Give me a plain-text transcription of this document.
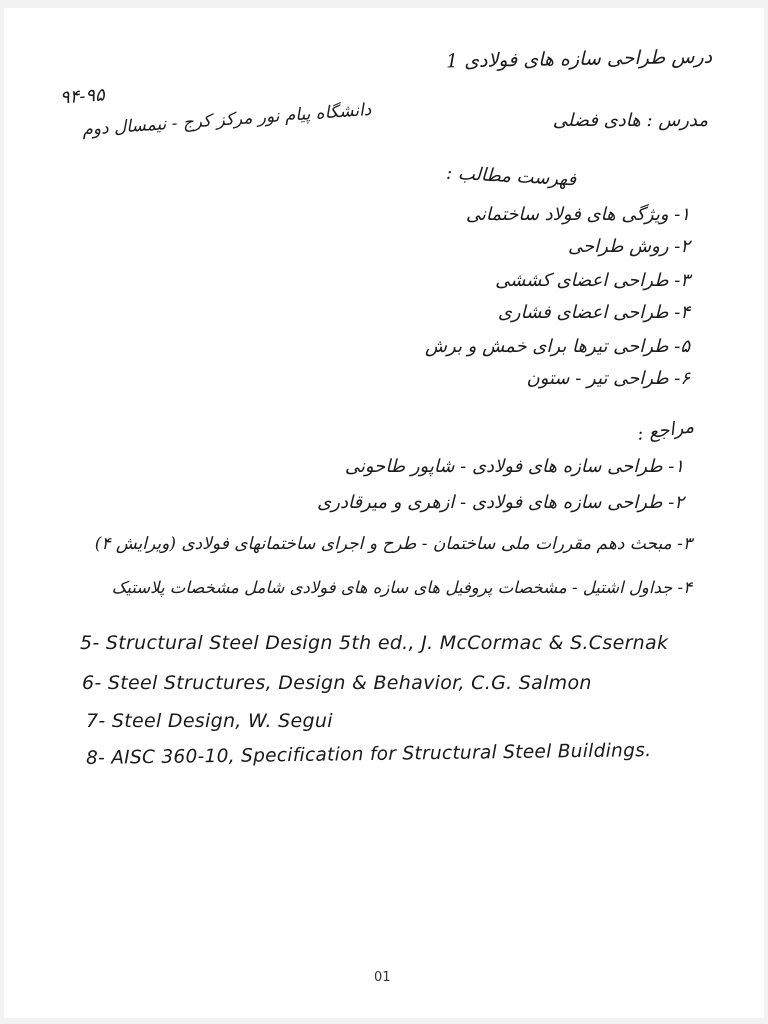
درس طراحی سازه های فولادی 1
۹۴-۹۵
دانشگاه پیام نور مرکز کرج - نیمسال دوم	مدرس : هادی فضلی
فهرست مطالب :
۱- ویژگی های فولاد ساختمانی
۲- روش طراحی
۳- طراحی اعضای کششی
۴- طراحی اعضای فشاری
۵- طراحی تیرها برای خمش و برش
۶- طراحی تیر - ستون
مراجع :
۱- طراحی سازه های فولادی - شاپور طاحونی
۲- طراحی سازه های فولادی - ازهری و میرقادری
۳- مبحث دهم مقررات ملی ساختمان - طرح و اجرای ساختمانهای فولادی (ویرایش ۴)
۴- جداول اشتیل - مشخصات پروفیل های سازه های فولادی شامل مشخصات پلاستیک
5- Structural Steel Design 5th ed., J. McCormac & S.Csernak
6- Steel Structures, Design & Behavior, C.G. Salmon
7- Steel Design, W. Segui
8- AISC 360-10, Specification for Structural Steel Buildings.
01
